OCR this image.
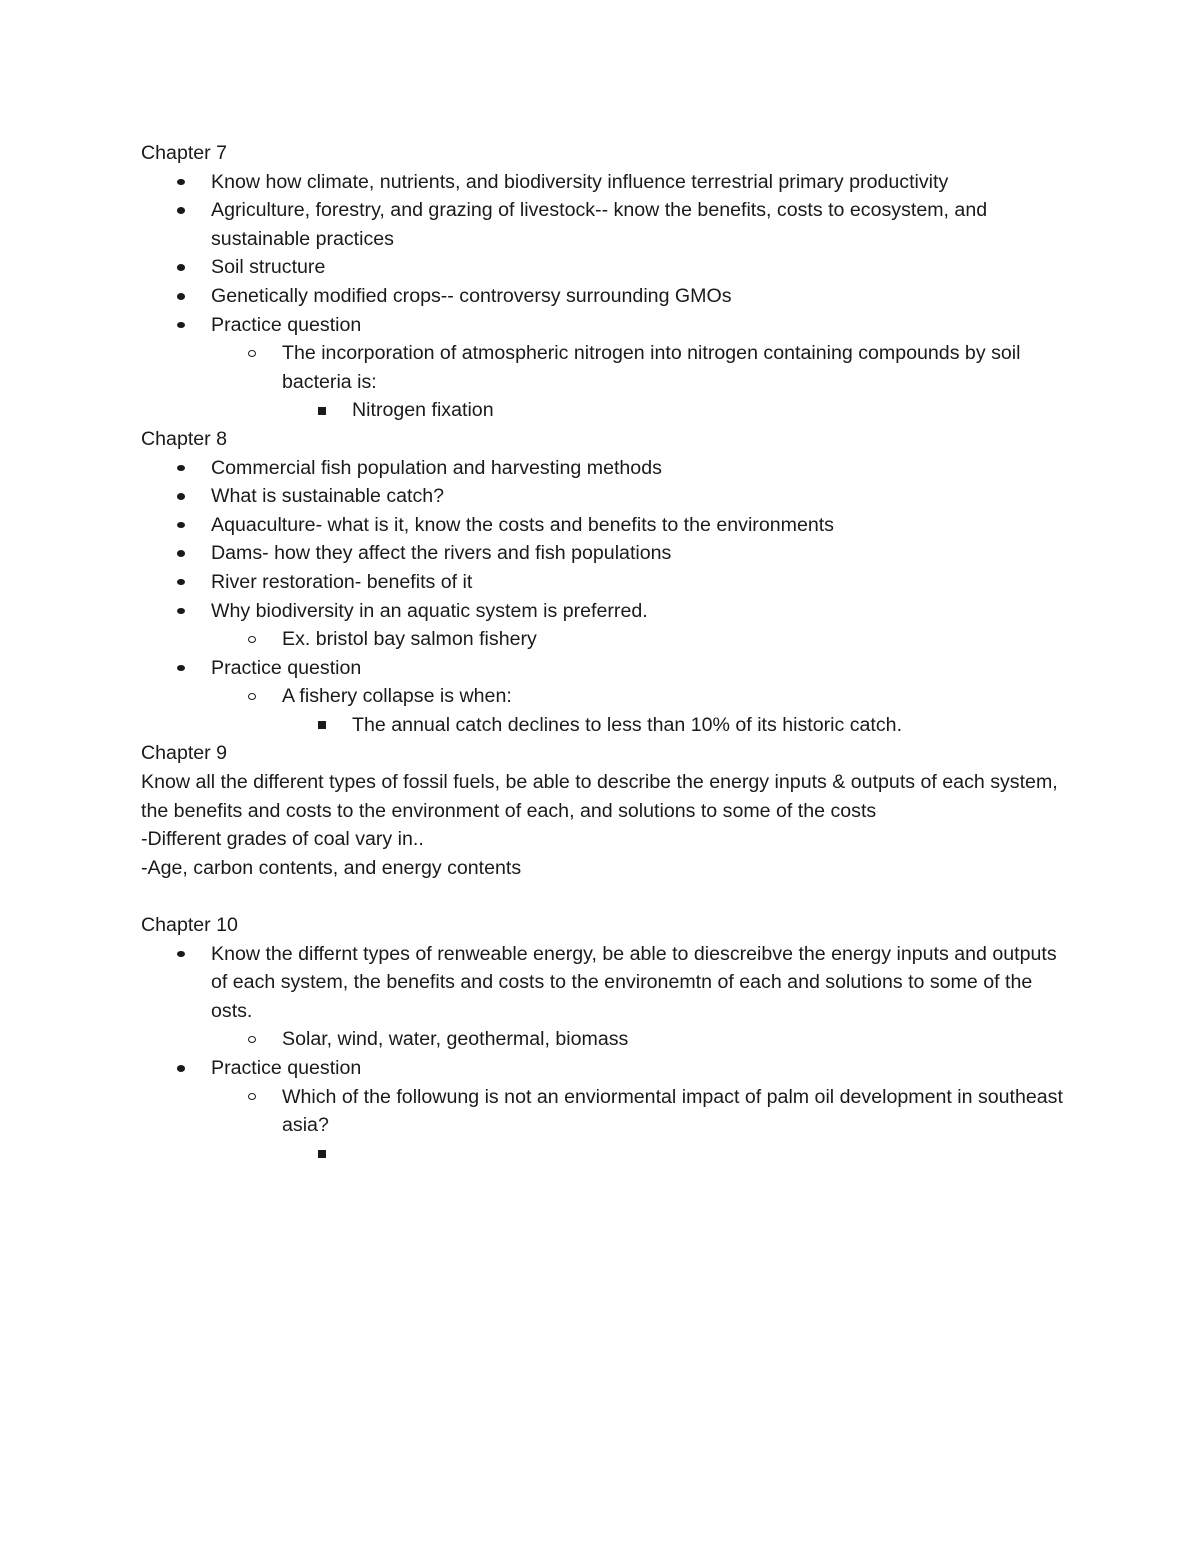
Chapter 7
Know how climate, nutrients, and biodiversity influence terrestrial primary productivity
Agriculture, forestry, and grazing of livestock-- know the benefits, costs to ecosystem, and sustainable practices
Soil structure
Genetically modified crops-- controversy surrounding GMOs
Practice question
The incorporation of atmospheric nitrogen into nitrogen containing compounds by soil bacteria is:
Nitrogen fixation
Chapter 8
Commercial fish population and harvesting methods
What is sustainable catch?
Aquaculture- what is it, know the costs and benefits to the environments
Dams- how they affect the rivers and fish populations
River restoration- benefits of it
Why biodiversity in an aquatic system is preferred.
Ex. bristol bay salmon fishery
Practice question
A fishery collapse is when:
The annual catch declines to less than 10% of its historic catch.
Chapter 9
Know all the different types of fossil fuels, be able to describe the energy inputs & outputs of each system, the benefits and costs to the environment of each, and solutions to some of the costs
-Different grades of coal vary in..
-Age, carbon contents, and energy contents
Chapter 10
Know the differnt types of renweable energy, be able to diescreibve the energy inputs and outputs of each system, the benefits and costs to the environemtn of each and solutions to some of the osts.
Solar, wind, water, geothermal, biomass
Practice question
Which of the followung is not an enviormental impact of palm oil development in southeast asia?
